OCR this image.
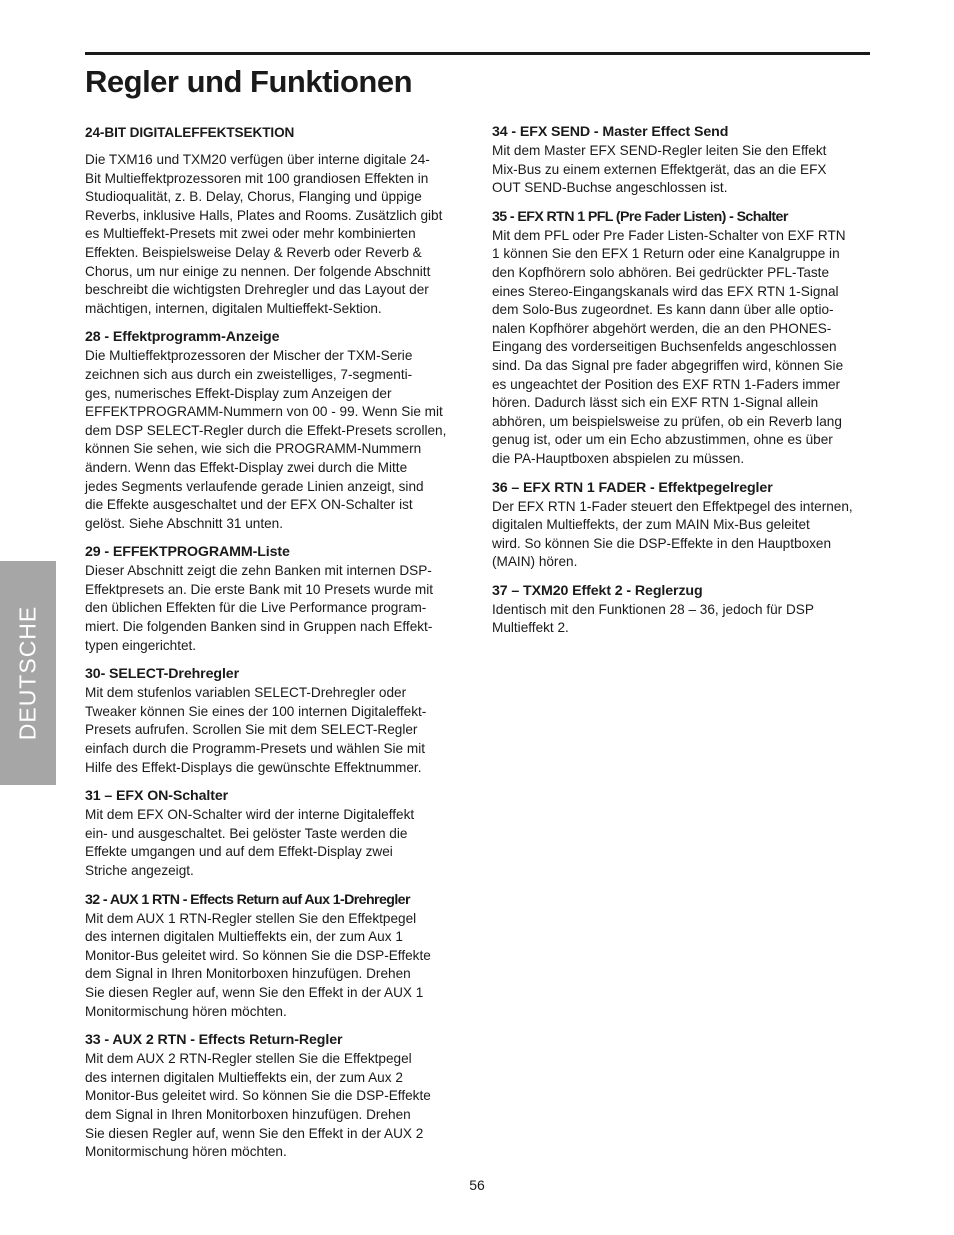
Regler und Funktionen
DEUTSCHE

24-BIT DIGITALEFFEKTSEKTION

Die TXM16 und TXM20 verfügen über interne digitale 24-
Bit Multieffektprozessoren mit 100 grandiosen Effekten in
Studioqualität, z. B. Delay, Chorus, Flanging und üppige
Reverbs, inklusive Halls, Plates and Rooms. Zusätzlich gibt
es Multieffekt-Presets mit zwei oder mehr kombinierten
Effekten. Beispielsweise Delay & Reverb oder Reverb &
Chorus, um nur einige zu nennen. Der folgende Abschnitt
beschreibt die wichtigsten Drehregler und das Layout der
mächtigen, internen, digitalen Multieffekt-Sektion.

28 - Effektprogramm-Anzeige

Die Multieffektprozessoren der Mischer der TXM-Serie
zeichnen sich aus durch ein zweistelliges, 7-segmenti-
ges, numerisches Effekt-Display zum Anzeigen der
EFFEKTPROGRAMM-Nummern von 00 - 99. Wenn Sie mit
dem DSP SELECT-Regler durch die Effekt-Presets scrollen,
können Sie sehen, wie sich die PROGRAMM-Nummern
ändern. Wenn das Effekt-Display zwei durch die Mitte
jedes Segments verlaufende gerade Linien anzeigt, sind
die Effekte ausgeschaltet und der EFX ON-Schalter ist
gelöst. Siehe Abschnitt 31 unten.

29 - EFFEKTPROGRAMM-Liste

Dieser Abschnitt zeigt die zehn Banken mit internen DSP-
Effektpresets an. Die erste Bank mit 10 Presets wurde mit
den üblichen Effekten für die Live Performance program-
miert. Die folgenden Banken sind in Gruppen nach Effekt-
typen eingerichtet.

30- SELECT-Drehregler

Mit dem stufenlos variablen SELECT-Drehregler oder
Tweaker können Sie eines der 100 internen Digitaleffekt-
Presets aufrufen. Scrollen Sie mit dem SELECT-Regler
einfach durch die Programm-Presets und wählen Sie mit
Hilfe des Effekt-Displays die gewünschte Effektnummer.

31 – EFX ON-Schalter

Mit dem EFX ON-Schalter wird der interne Digitaleffekt
ein- und ausgeschaltet. Bei gelöster Taste werden die
Effekte umgangen und auf dem Effekt-Display zwei
Striche angezeigt.

32 - AUX 1 RTN - Effects Return auf Aux 1-Drehregler

Mit dem AUX 1 RTN-Regler stellen Sie den Effektpegel
des internen digitalen Multieffekts ein, der zum Aux 1
Monitor-Bus geleitet wird. So können Sie die DSP-Effekte
dem Signal in Ihren Monitorboxen hinzufügen. Drehen
Sie diesen Regler auf, wenn Sie den Effekt in der AUX 1
Monitormischung hören möchten.

33 - AUX 2 RTN - Effects Return-Regler

Mit dem AUX 2 RTN-Regler stellen Sie die Effektpegel
des internen digitalen Multieffekts ein, der zum Aux 2
Monitor-Bus geleitet wird. So können Sie die DSP-Effekte
dem Signal in Ihren Monitorboxen hinzufügen. Drehen
Sie diesen Regler auf, wenn Sie den Effekt in der AUX 2
Monitormischung hören möchten.

34 - EFX SEND - Master Effect Send

Mit dem Master EFX SEND-Regler leiten Sie den Effekt
Mix-Bus zu einem externen Effektgerät, das an die EFX
OUT SEND-Buchse angeschlossen ist.

35 - EFX RTN 1 PFL (Pre Fader Listen) - Schalter

Mit dem PFL oder Pre Fader Listen-Schalter von EXF RTN
1 können Sie den EFX 1 Return oder eine Kanalgruppe in
den Kopfhörern solo abhören. Bei gedrückter PFL-Taste
eines Stereo-Eingangskanals wird das EFX RTN 1-Signal
dem Solo-Bus zugeordnet. Es kann dann über alle optio-
nalen Kopfhörer abgehört werden, die an den PHONES-
Eingang des vorderseitigen Buchsenfelds angeschlossen
sind. Da das Signal pre fader abgegriffen wird, können Sie
es ungeachtet der Position des EXF RTN 1-Faders immer
hören. Dadurch lässt sich ein EXF RTN 1-Signal allein
abhören, um beispielsweise zu prüfen, ob ein Reverb lang
genug ist, oder um ein Echo abzustimmen, ohne es über
die PA-Hauptboxen abspielen zu müssen.

36 – EFX RTN 1 FADER - Effektpegelregler

Der EFX RTN 1-Fader steuert den Effektpegel des internen,
digitalen Multieffekts, der zum MAIN Mix-Bus geleitet
wird. So können Sie die DSP-Effekte in den Hauptboxen
(MAIN) hören.

37 – TXM20 Effekt 2 - Reglerzug

Identisch mit den Funktionen 28 – 36, jedoch für DSP
Multieffekt 2.

56
